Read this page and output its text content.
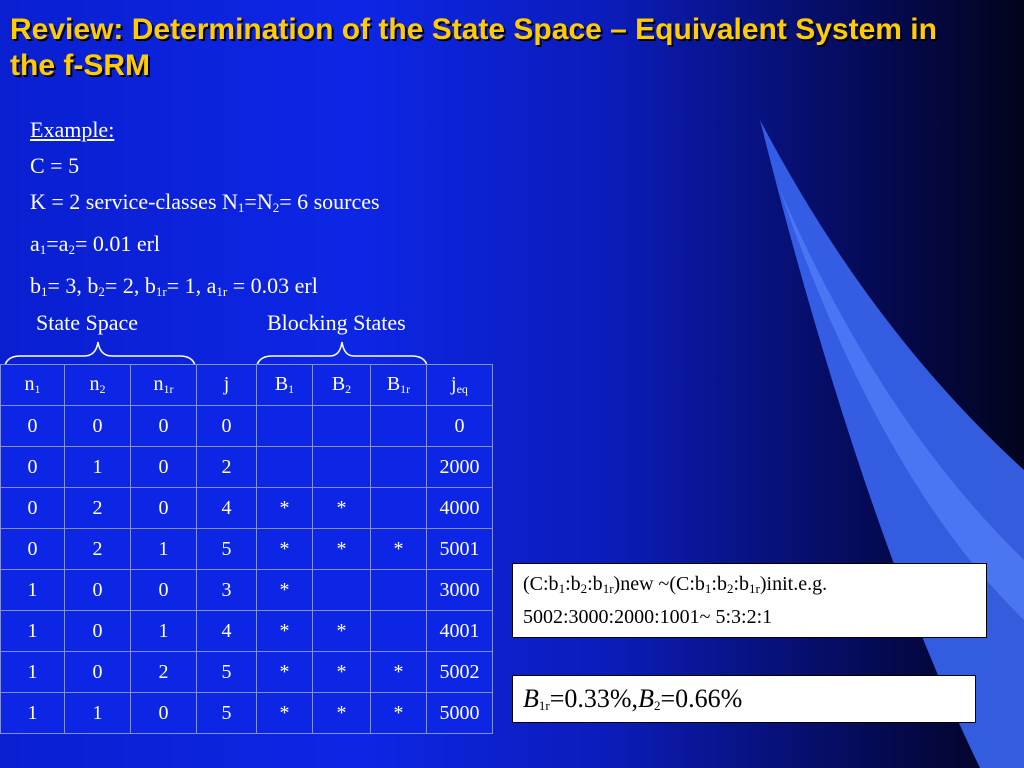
Review: Determination of the State Space – Equivalent System in the f-SRM
Example:
C = 5
K = 2 service-classes $N_1=N_2= 6$ sources
$a_1=a_2= 0.01$ erl
$b_1= 3$, $b_2= 2$, $b_{1r}= 1$, $a_{1r} = 0.03$ erl
State Space	Blocking States
$n_1$	$n_2$	$n_{1r}$	j	$B_1$	$B_2$	$B_{1r}$	$j_{eq}$
0	0	0	0				0
0	1	0	2				2000
0	2	0	4	*	*		4000
0	2	1	5	*	*	*	5001
1	0	0	3	*			3000
1	0	1	4	*	*		4001
1	0	2	5	*	*	*	5002
1	1	0	5	*	*	*	5000
$(C:b_1:b_2:b_{1r})new$ $\sim(C:b_1:b_2:b_{1r})init.e.g$.
5002:3000:2000:1001~ 5:3:2:1
$B_{1r}=0.33\%,B_2=0.66\%$
